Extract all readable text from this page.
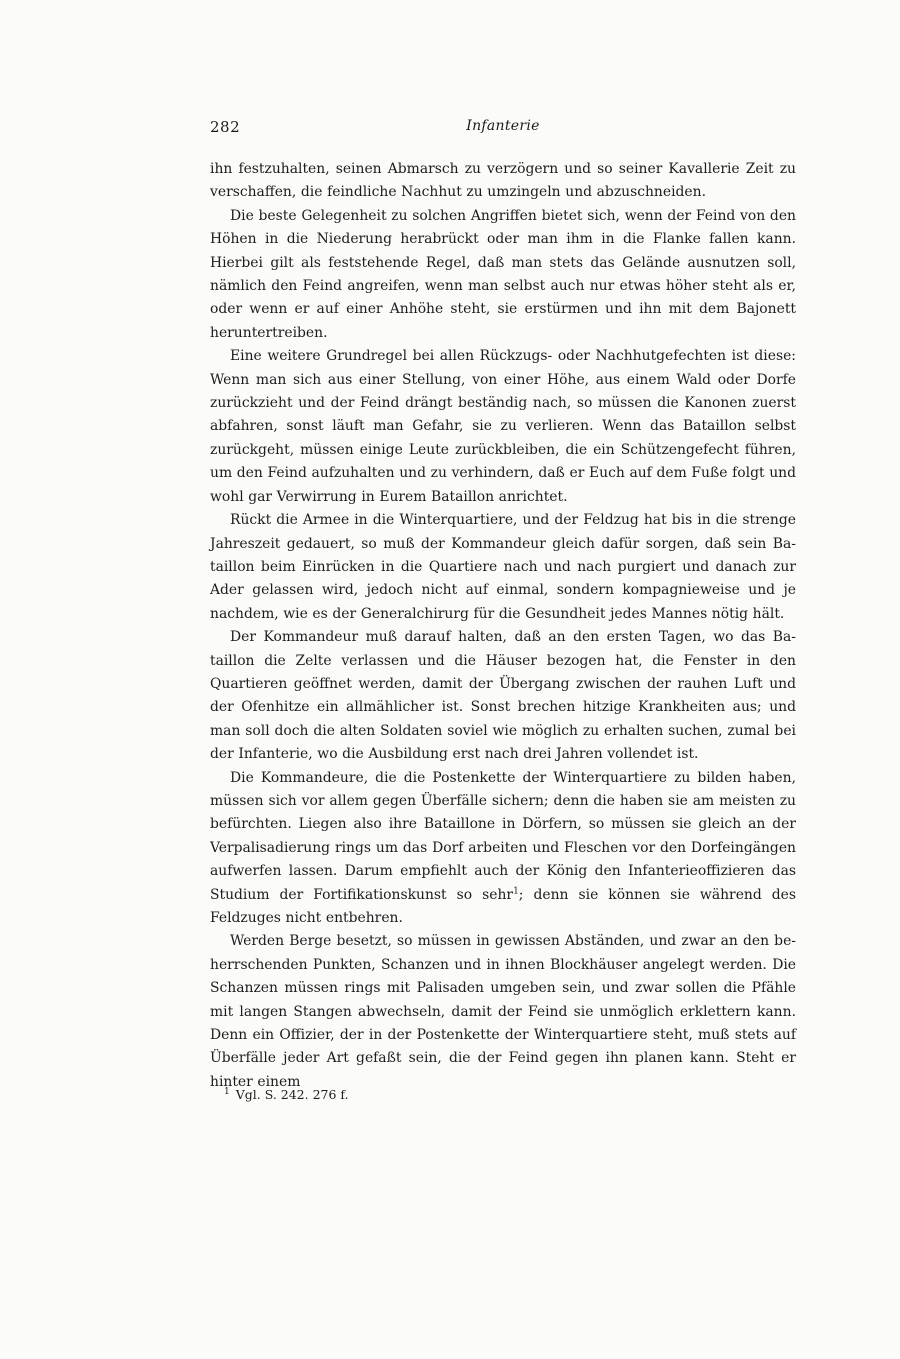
282	Infanterie

ihn festzuhalten, seinen Abmarsch zu verzögern und so seiner Kavallerie Zeit zu verschaffen, die feindliche Nachhut zu umzingeln und abzuschneiden.

Die beste Gelegenheit zu solchen Angriffen bietet sich, wenn der Feind von den Höhen in die Niederung herabrückt oder man ihm in die Flanke fallen kann. Hierbei gilt als feststehende Regel, daß man stets das Gelände ausnutzen soll, nämlich den Feind angreifen, wenn man selbst auch nur etwas höher steht als er, oder wenn er auf einer Anhöhe steht, sie erstürmen und ihn mit dem Bajonett heruntertreiben.

Eine weitere Grundregel bei allen Rückzugs- oder Nachhutgefechten ist diese: Wenn man sich aus einer Stellung, von einer Höhe, aus einem Wald oder Dorfe zurückzieht und der Feind drängt beständig nach, so müssen die Kanonen zuerst abfahren, sonst läuft man Gefahr, sie zu verlieren. Wenn das Bataillon selbst zurückgeht, müssen einige Leute zurückbleiben, die ein Schützengefecht führen, um den Feind aufzuhalten und zu verhindern, daß er Euch auf dem Fuße folgt und wohl gar Verwirrung in Eurem Bataillon anrichtet.

Rückt die Armee in die Winterquartiere, und der Feldzug hat bis in die strenge Jahreszeit gedauert, so muß der Kommandeur gleich dafür sorgen, daß sein Bataillon beim Einrücken in die Quartiere nach und nach purgiert und danach zur Ader gelassen wird, jedoch nicht auf einmal, sondern kompagnieweise und je nachdem, wie es der Generalchirurg für die Gesundheit jedes Mannes nötig hält.

Der Kommandeur muß darauf halten, daß an den ersten Tagen, wo das Bataillon die Zelte verlassen und die Häuser bezogen hat, die Fenster in den Quartieren geöffnet werden, damit der Übergang zwischen der rauhen Luft und der Ofenhitze ein allmählicher ist. Sonst brechen hitzige Krankheiten aus; und man soll doch die alten Soldaten soviel wie möglich zu erhalten suchen, zumal bei der Infanterie, wo die Ausbildung erst nach drei Jahren vollendet ist.

Die Kommandeure, die die Postenkette der Winterquartiere zu bilden haben, müssen sich vor allem gegen Überfälle sichern; denn die haben sie am meisten zu befürchten. Liegen also ihre Bataillone in Dörfern, so müssen sie gleich an der Verpalisadierung rings um das Dorf arbeiten und Fleschen vor den Dorfeingängen aufwerfen lassen. Darum empfiehlt auch der König den Infanterieoffizieren das Studium der Fortifikationskunst so sehr$^1$; denn sie können sie während des Feldzuges nicht entbehren.

Werden Berge besetzt, so müssen in gewissen Abständen, und zwar an den beherrschenden Punkten, Schanzen und in ihnen Blockhäuser angelegt werden. Die Schanzen müssen rings mit Palisaden umgeben sein, und zwar sollen die Pfähle mit langen Stangen abwechseln, damit der Feind sie unmöglich erklettern kann. Denn ein Offizier, der in der Postenkette der Winterquartiere steht, muß stets auf Überfälle jeder Art gefaßt sein, die der Feind gegen ihn planen kann. Steht er hinter einem

$^1$ Vgl. S. 242. 276 f.
